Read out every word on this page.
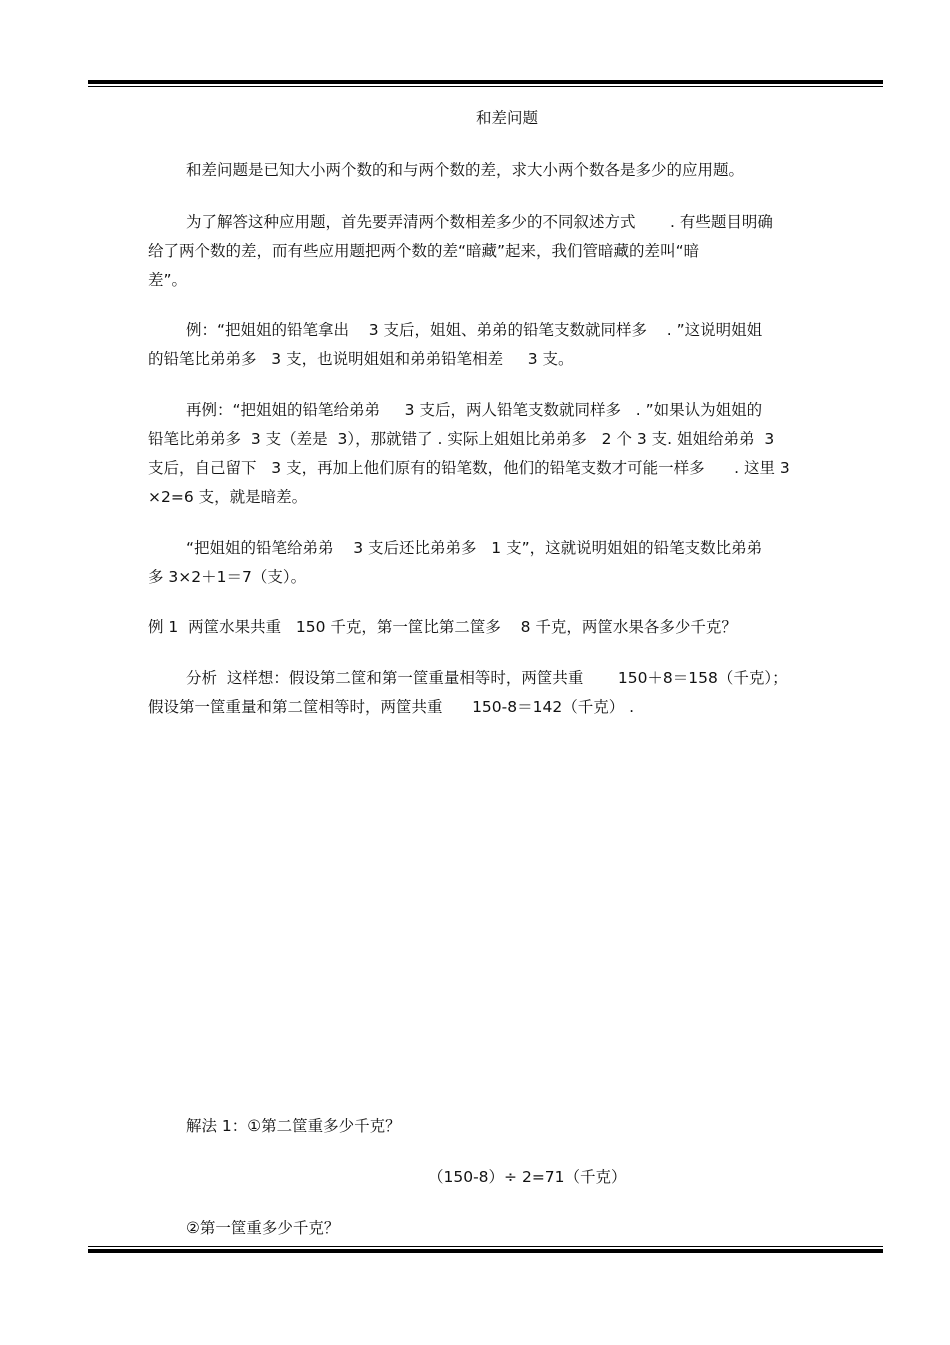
和差问题
和差问题是已知大小两个数的和与两个数的差，求大小两个数各是多少的应用题。
为了解答这种应用题，首先要弄清两个数相差多少的不同叙述方式       . 有些题目明确
给了两个数的差，而有些应用题把两个数的差“暗藏”起来，我们管暗藏的差叫“暗
差”。
例：“把姐姐的铅笔拿出    3 支后，姐姐、弟弟的铅笔支数就同样多    . ”这说明姐姐
的铅笔比弟弟多   3 支，也说明姐姐和弟弟铅笔相差     3 支。
再例：“把姐姐的铅笔给弟弟     3 支后，两人铅笔支数就同样多   . ”如果认为姐姐的
铅笔比弟弟多  3 支（差是  3），那就错了 . 实际上姐姐比弟弟多   2 个 3 支. 姐姐给弟弟  3
支后，自己留下   3 支，再加上他们原有的铅笔数，他们的铅笔支数才可能一样多      . 这里 3
×2=6 支，就是暗差。
“把姐姐的铅笔给弟弟    3 支后还比弟弟多   1 支”，这就说明姐姐的铅笔支数比弟弟
多 3×2＋1＝7（支）。
例 1  两筐水果共重   150 千克，第一筐比第二筐多    8 千克，两筐水果各多少千克？
分析  这样想：假设第二筐和第一筐重量相等时，两筐共重       150＋8＝158（千克）；
假设第一筐重量和第二筐相等时，两筐共重      150-8＝142（千克） .
解法 1：①第二筐重多少千克？
（150-8）÷ 2=71（千克）
②第一筐重多少千克？
